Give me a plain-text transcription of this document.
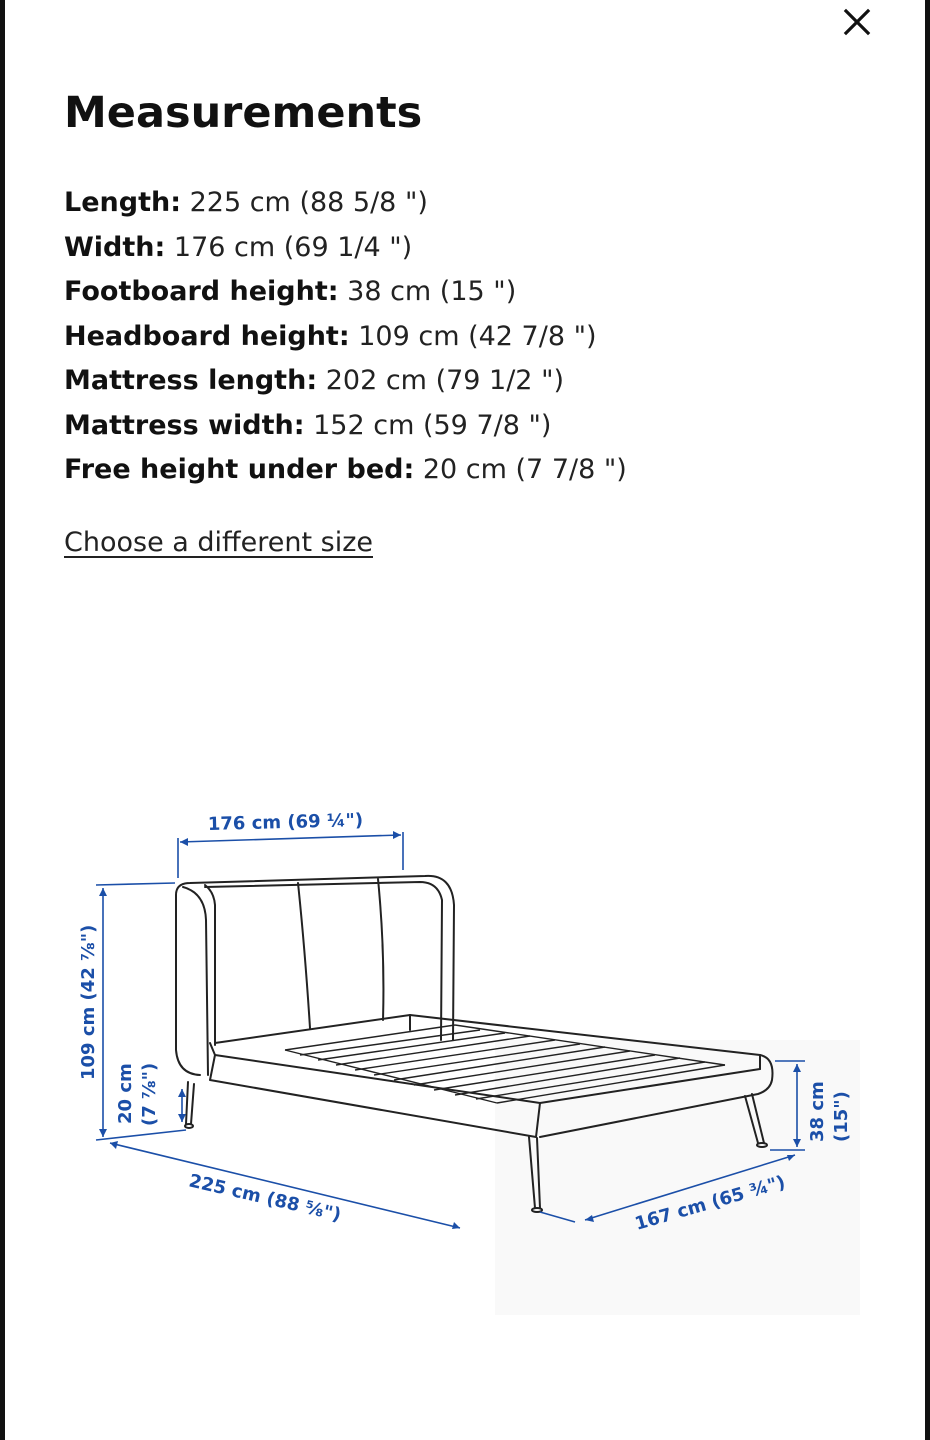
Measurements
Length: 225 cm (88 5/8 ")
Width: 176 cm (69 1/4 ")
Footboard height: 38 cm (15 ")
Headboard height: 109 cm (42 7/8 ")
Mattress length: 202 cm (79 1/2 ")
Mattress width: 152 cm (59 7/8 ")
Free height under bed: 20 cm (7 7/8 ")
Choose a different size
176 cm (69 ¼")
109 cm (42 ⅞")
20 cm (7 ⅞")
225 cm (88 ⅝")	167 cm (65 ¾")
38 cm (15")
